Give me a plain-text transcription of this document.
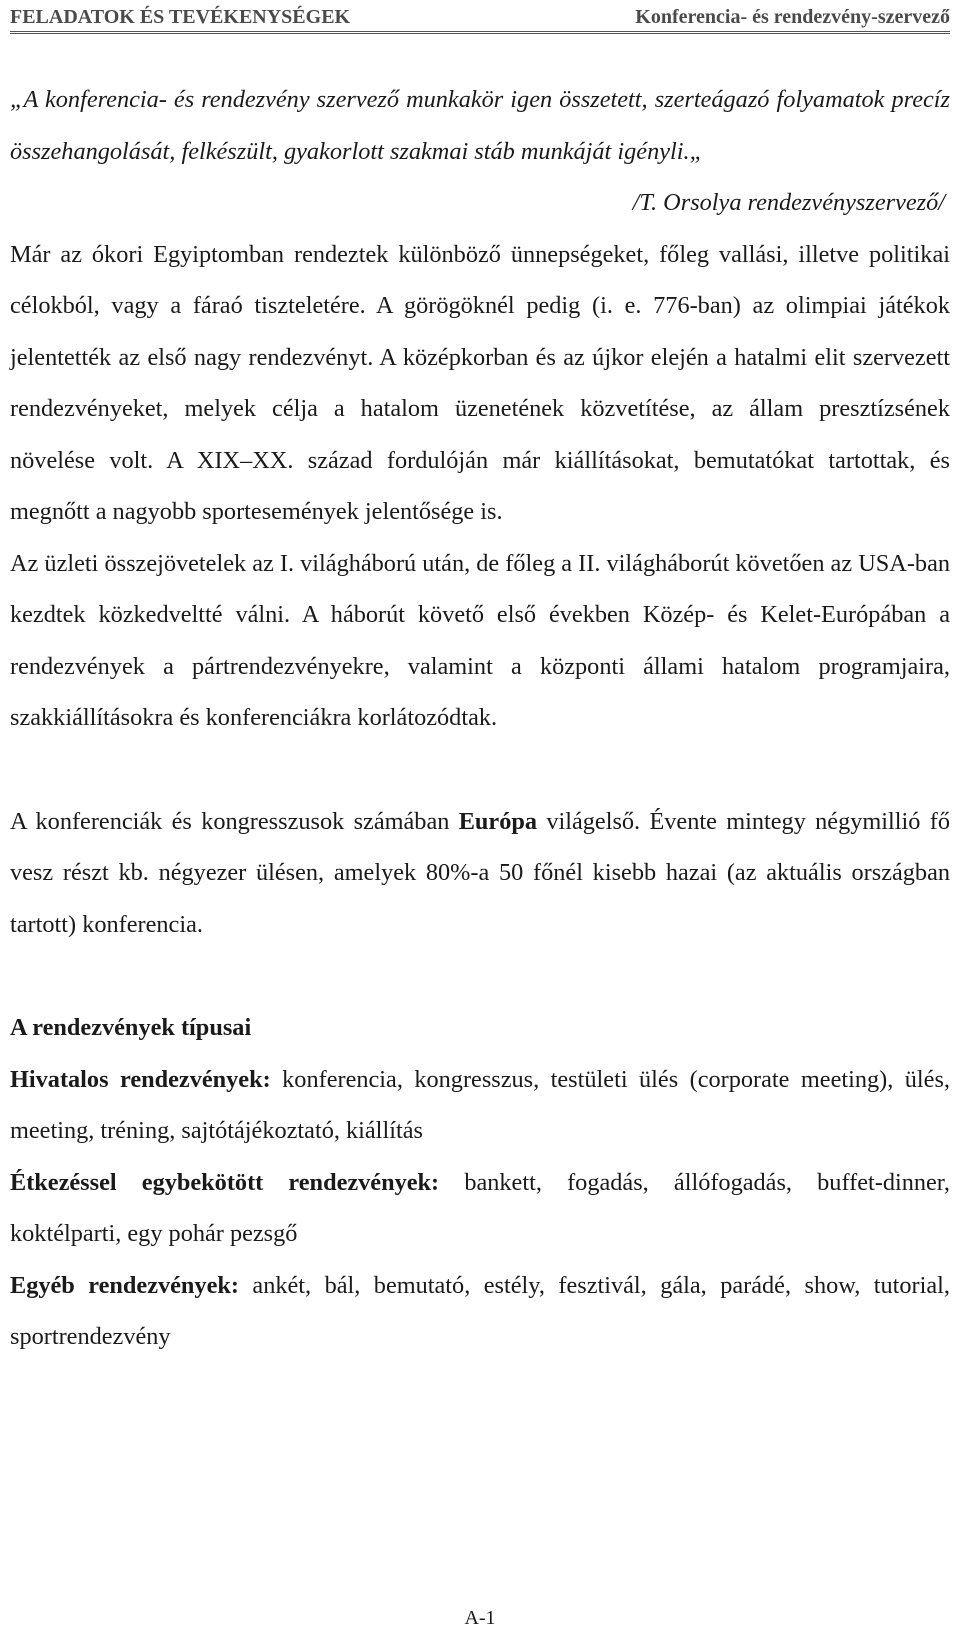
FELADATOK ÉS TEVÉKENYSÉGEK	Konferencia- és rendezvény-szervező

„A konferencia- és rendezvény szervező munkakör igen összetett, szerteágazó folyamatok precíz összehangolását, felkészült, gyakorlott szakmai stáb munkáját igényli.„

/T. Orsolya rendezvényszervező/

Már az ókori Egyiptomban rendeztek különböző ünnepségeket, főleg vallási, illetve politikai célokból, vagy a fáraó tiszteletére. A görögöknél pedig (i. e. 776-ban) az olimpiai játékok jelentették az első nagy rendezvényt. A középkorban és az újkor elején a hatalmi elit szervezett rendezvényeket, melyek célja a hatalom üzenetének közvetítése, az állam presztízsének növelése volt. A XIX–XX. század fordulóján már kiállításokat, bemutatókat tartottak, és megnőtt a nagyobb sportesemények jelentősége is.

Az üzleti összejövetelek az I. világháború után, de főleg a II. világháborút követően az USA-ban kezdtek közkedveltté válni. A háborút követő első években Közép- és Kelet-Európában a rendezvények a pártrendezvényekre, valamint a központi állami hatalom programjaira, szakkiállításokra és konferenciákra korlátozódtak.

A konferenciák és kongresszusok számában Európa világelső. Évente mintegy négymillió fő vesz részt kb. négyezer ülésen, amelyek 80%-a 50 főnél kisebb hazai (az aktuális országban tartott) konferencia.

A rendezvények típusai

Hivatalos rendezvények: konferencia, kongresszus, testületi ülés (corporate meeting), ülés, meeting, tréning, sajtótájékoztató, kiállítás

Étkezéssel egybekötött rendezvények: bankett, fogadás, állófogadás, buffet-dinner, koktélparti, egy pohár pezsgő

Egyéb rendezvények: ankét, bál, bemutató, estély, fesztivál, gála, parádé, show, tutorial, sportrendezvény

A-1
